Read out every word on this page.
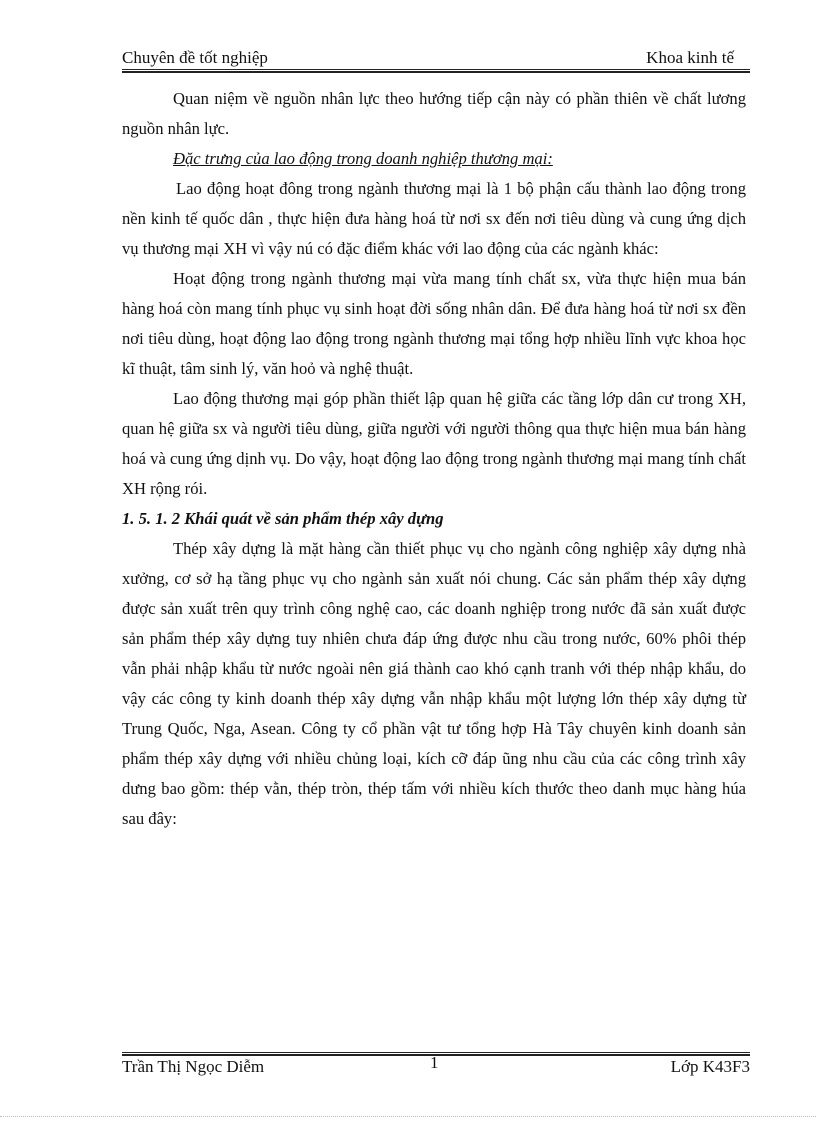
Chuyên đề tốt nghiệp	Khoa kinh tế

Quan niệm về nguồn nhân lực theo hướng tiếp cận này có phần thiên về chất lương nguồn nhân lực.

Đặc trưng của lao động trong doanh nghiệp thương mại:

Lao động hoạt đông trong ngành thương mại là 1 bộ phận cấu thành lao động trong nền kinh tế quốc dân , thực hiện đưa hàng hoá từ nơi sx đến nơi tiêu dùng và cung ứng dịch vụ thương mại XH vì vậy nú có đặc điểm khác với lao động của các ngành khác:

Hoạt động trong ngành thương mại vừa mang tính chất sx, vừa thực hiện mua bán hàng hoá còn mang tính phục vụ sinh hoạt đời sống nhân dân. Để đưa hàng hoá từ nơi sx đền nơi tiêu dùng, hoạt động lao động trong ngành thương mại tổng hợp nhiều lĩnh vực khoa học kĩ thuật, tâm sinh lý, văn hoỏ và nghệ thuật.

Lao động thương mại góp phần thiết lập quan hệ giữa các tầng lớp dân cư trong XH, quan hệ giữa sx và người tiêu dùng, giữa người với người thông qua thực hiện mua bán hàng hoá và cung ứng dịnh vụ. Do vậy, hoạt động lao động trong ngành thương mại mang tính chất XH rộng rói.

1. 5. 1. 2 Khái quát về sản phẩm thép xây dựng

Thép xây dựng là mặt hàng cần thiết phục vụ cho ngành công nghiệp xây dựng nhà xưởng, cơ sở hạ tầng phục vụ cho ngành sản xuất nói chung. Các sản phẩm thép xây dựng được sản xuất trên quy trình công nghệ cao, các doanh nghiệp trong nước đã sản xuất được sản phẩm thép xây dựng tuy nhiên chưa đáp ứng được nhu cầu trong nước, 60% phôi thép vẫn phải nhập khẩu từ nước ngoài nên giá thành cao khó cạnh tranh với thép nhập khẩu, do vậy các công ty kinh doanh thép xây dựng vẫn nhập khẩu một lượng lớn thép xây dựng từ Trung Quốc, Nga, Asean. Công ty cổ phần vật tư tổng hợp Hà Tây chuyên kinh doanh sản phẩm thép xây dựng với nhiều chủng loại, kích cỡ đáp ũng nhu cầu của các công trình xây dưng bao gồm: thép vằn, thép tròn, thép tấm với nhiều kích thước theo danh mục hàng húa sau đây:

Trần Thị Ngọc Diễm	1	Lớp K43F3
